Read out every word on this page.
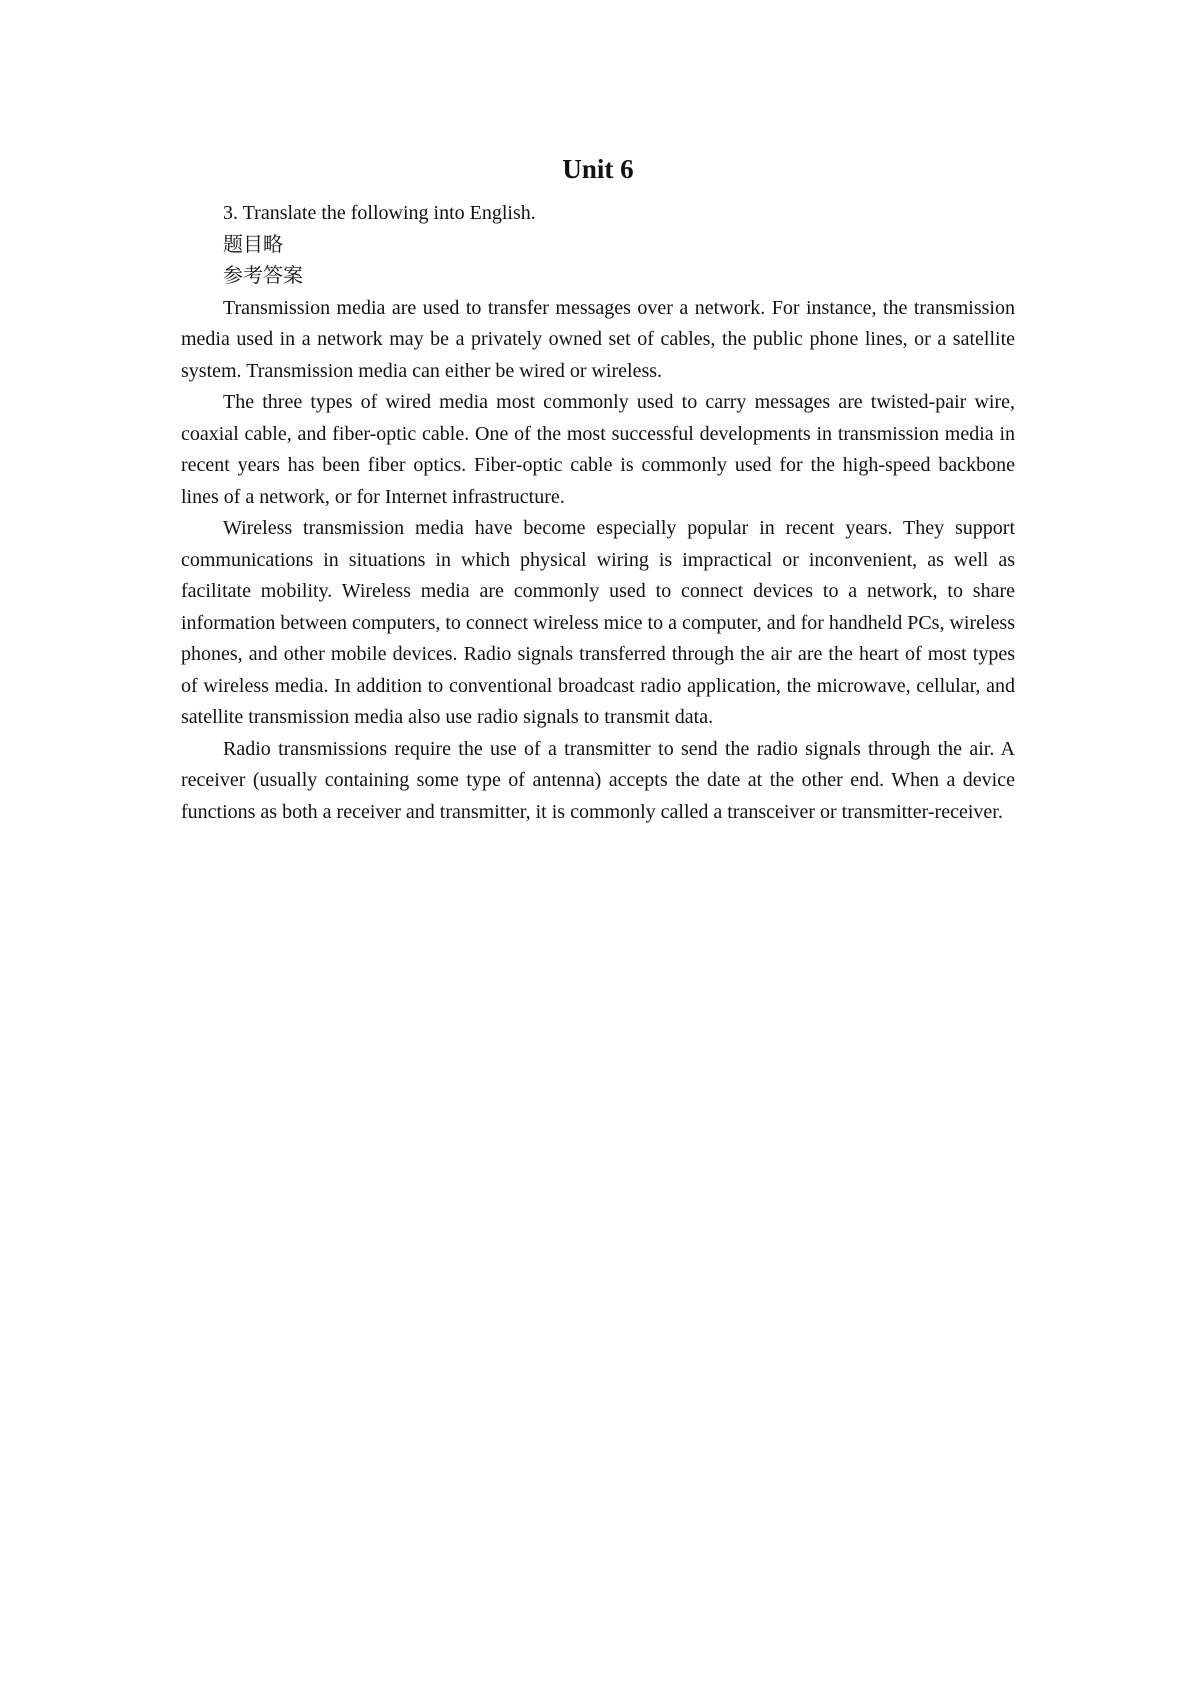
Unit 6

3. Translate the following into English.

题目略

参考答案

Transmission media are used to transfer messages over a network. For instance, the transmission media used in a network may be a privately owned set of cables, the public phone lines, or a satellite system. Transmission media can either be wired or wireless.

The three types of wired media most commonly used to carry messages are twisted-pair wire, coaxial cable, and fiber-optic cable. One of the most successful developments in transmission media in recent years has been fiber optics. Fiber-optic cable is commonly used for the high-speed backbone lines of a network, or for Internet infrastructure.

Wireless transmission media have become especially popular in recent years. They support communications in situations in which physical wiring is impractical or inconvenient, as well as facilitate mobility. Wireless media are commonly used to connect devices to a network, to share information between computers, to connect wireless mice to a computer, and for handheld PCs, wireless phones, and other mobile devices. Radio signals transferred through the air are the heart of most types of wireless media. In addition to conventional broadcast radio application, the microwave, cellular, and satellite transmission media also use radio signals to transmit data.

Radio transmissions require the use of a transmitter to send the radio signals through the air. A receiver (usually containing some type of antenna) accepts the date at the other end. When a device functions as both a receiver and transmitter, it is commonly called a transceiver or transmitter-receiver.
